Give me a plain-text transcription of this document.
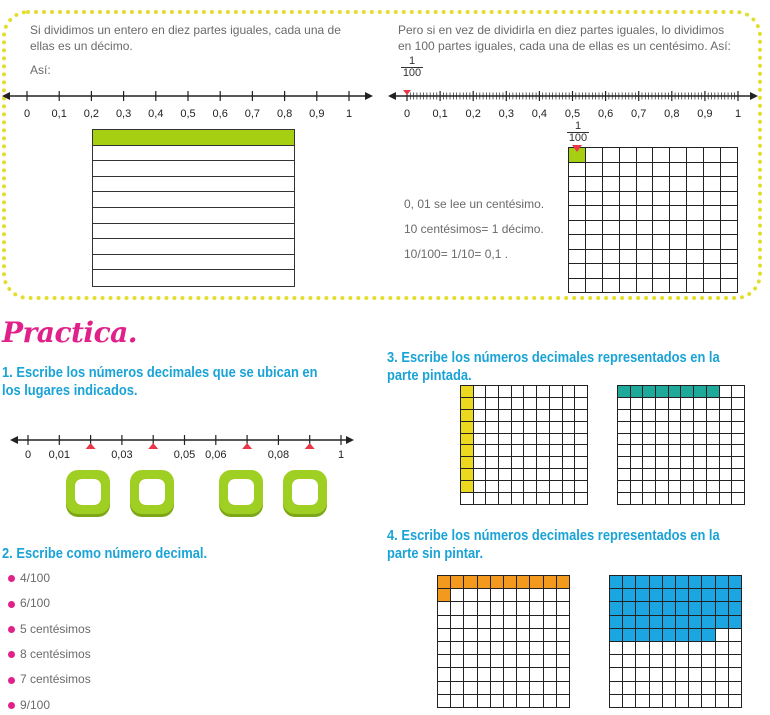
Si dividimos un entero en diez partes iguales, cada una de ellas es un décimo.

Así:

Pero si en vez de dividirla en diez partes iguales, lo dividimos en 100 partes iguales, cada una de ellas es un centésimo. Así:

1
100
0 0,1 0,2 0,3 0,4 0,5 0,6 0,7 0,8 0,9 1	0 0,1 0,2 0,3 0,4 0,5 0,6 0,7 0,8 0,9 1
1
100

0, 01 se lee un centésimo.

10 centésimos= 1 décimo.

10/100= 1/10= 0,1 .

Practica.
1. Escribe los números decimales que se ubican en los lugares indicados.
0 0,01	0,03	0,05 0,06	0,08	1
2. Escribe como número decimal.
4/100
6/100
5 centésimos
8 centésimos
7 centésimos
9/100
3. Escribe los números decimales representados en la parte pintada.
4. Escribe los números decimales representados en la parte sin pintar.
